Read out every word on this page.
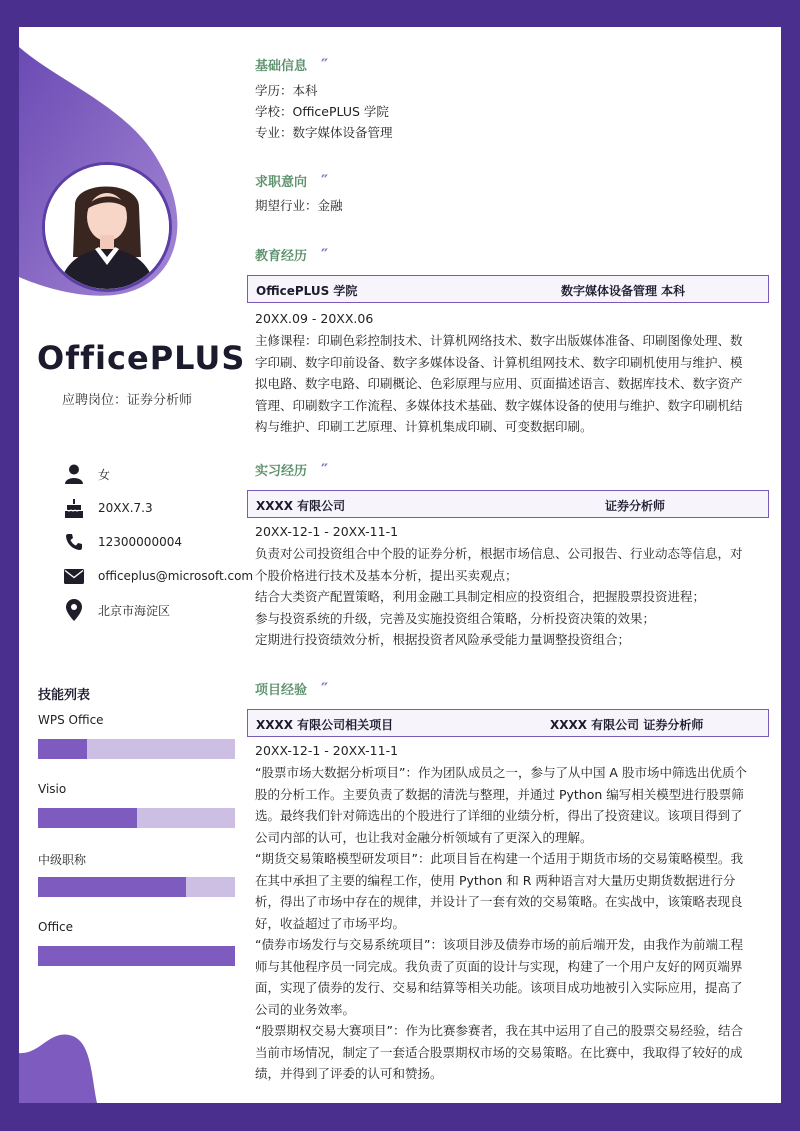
OfficePLUS
应聘岗位：证券分析师
女
20XX.7.3
12300000004
officeplus@microsoft.com
北京市海淀区
技能列表
WPS Office
Visio
中级职称
Office
基础信息 ″
学历：本科
学校：OfficePLUS 学院
专业：数字媒体设备管理
求职意向 ″
期望行业：金融
教育经历 ″
OfficePLUS 学院	数字媒体设备管理 本科
20XX.09 - 20XX.06
主修课程：印刷色彩控制技术、计算机网络技术、数字出版媒体准备、印刷图像处理、数
字印刷、数字印前设备、数字多媒体设备、计算机组网技术、数字印刷机使用与维护、模
拟电路、数字电路、印刷概论、色彩原理与应用、页面描述语言、数据库技术、数字资产
管理、印刷数字工作流程、多媒体技术基础、数字媒体设备的使用与维护、数字印刷机结
构与维护、印刷工艺原理、计算机集成印刷、可变数据印刷。
实习经历 ″
XXXX 有限公司	证券分析师
20XX-12-1 - 20XX-11-1
负责对公司投资组合中个股的证券分析，根据市场信息、公司报告、行业动态等信息，对
个股价格进行技术及基本分析，提出买卖观点；
结合大类资产配置策略，利用金融工具制定相应的投资组合，把握股票投资进程；
参与投资系统的升级，完善及实施投资组合策略，分析投资决策的效果；
定期进行投资绩效分析，根据投资者风险承受能力量调整投资组合；
项目经验 ″
XXXX 有限公司相关项目	XXXX 有限公司 证券分析师
20XX-12-1 - 20XX-11-1
“股票市场大数据分析项目”：作为团队成员之一，参与了从中国 A 股市场中筛选出优质个
股的分析工作。主要负责了数据的清洗与整理，并通过 Python 编写相关模型进行股票筛
选。最终我们针对筛选出的个股进行了详细的业绩分析，得出了投资建议。该项目得到了
公司内部的认可，也让我对金融分析领域有了更深入的理解。
“期货交易策略模型研发项目”：此项目旨在构建一个适用于期货市场的交易策略模型。我
在其中承担了主要的编程工作，使用 Python 和 R 两种语言对大量历史期货数据进行分
析，得出了市场中存在的规律，并设计了一套有效的交易策略。在实战中，该策略表现良
好，收益超过了市场平均。
“债券市场发行与交易系统项目”：该项目涉及债券市场的前后端开发，由我作为前端工程
师与其他程序员一同完成。我负责了页面的设计与实现，构建了一个用户友好的网页端界
面，实现了债券的发行、交易和结算等相关功能。该项目成功地被引入实际应用，提高了
公司的业务效率。
“股票期权交易大赛项目”：作为比赛参赛者，我在其中运用了自己的股票交易经验，结合
当前市场情况，制定了一套适合股票期权市场的交易策略。在比赛中，我取得了较好的成
绩，并得到了评委的认可和赞扬。
